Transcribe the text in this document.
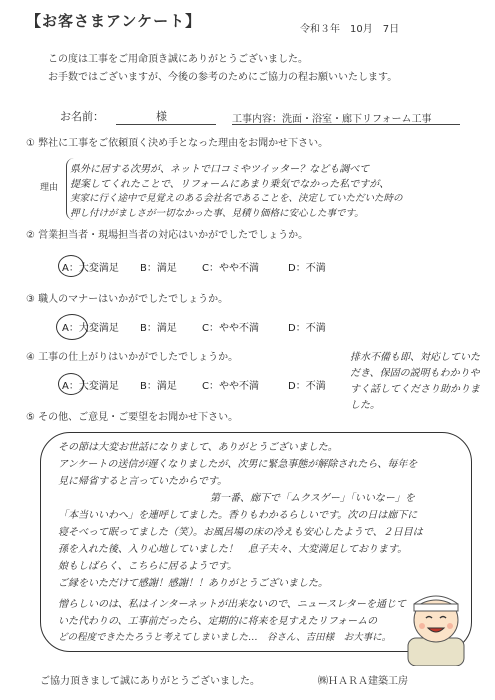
【お客さまアンケート】	令和３年　10月　7日
この度は工事をご用命頂き誠にありがとうございました。
お手数ではございますが、今後の参考のためにご協力の程お願いいたします。
お名前：	様	工事内容：洗面・浴室・廊下リフォーム工事
① 弊社に工事をご依頼頂く決め手となった理由をお聞かせ下さい。
理由
県外に居する次男が、ネットで口コミやツイッター？なども調べて
提案してくれたことで、リフォームにあまり乗気でなかった私ですが、
実家に行く途中で見覚えのある会社名であることを、決定していただいた時の
押し付けがましさが一切なかった事、見積り価格に安心した事です。
② 営業担当者・現場担当者の対応はいかがでしたでしょうか。
A：大変満足 B：満足	C：やや不満	D：不満
③ 職人のマナーはいかがでしたでしょうか。
A：大変満足 B：満足	C：やや不満	D：不満
④ 工事の仕上がりはいかがでしたでしょうか。
A：大変満足 B：満足	C：やや不満	D：不満
排水不備も即、対応していただき、保固の説明もわかりやすく話してくださり助かりました。
⑤ その他、ご意見・ご要望をお聞かせ下さい。
その節は大変お世話になりまして、ありがとうございました。
アンケートの送信が遅くなりましたが、次男に緊急事態が解除されたら、毎年を
見に帰省すると言っていたからです。
第一番、廊下で「ムクスゲー」「いいなー」を
「本当いいわへ」を連呼してました。香りもわかるらしいです。次の日は廊下に
寝そべって眠ってました（笑）。お風呂場の床の冷えも安心したようで、２日目は
孫を入れた後、入り心地していました！　息子夫々、大変満足しております。
娘もしばらく、こちらに居るようです。
ご縁をいただけて感謝！感謝！！ありがとうございました。
憎らしいのは、私はインターネットが出来ないので、ニュースレターを通じて
いた代わりの、工事前だったら、定期的に将来を見すえたリフォームの
どの程度できたたろうと考えてしまいました…　谷さん、吉田様　お大事に。
ご協力頂きまして誠にありがとうございました。	㈱ＨＡＲＡ建築工房
